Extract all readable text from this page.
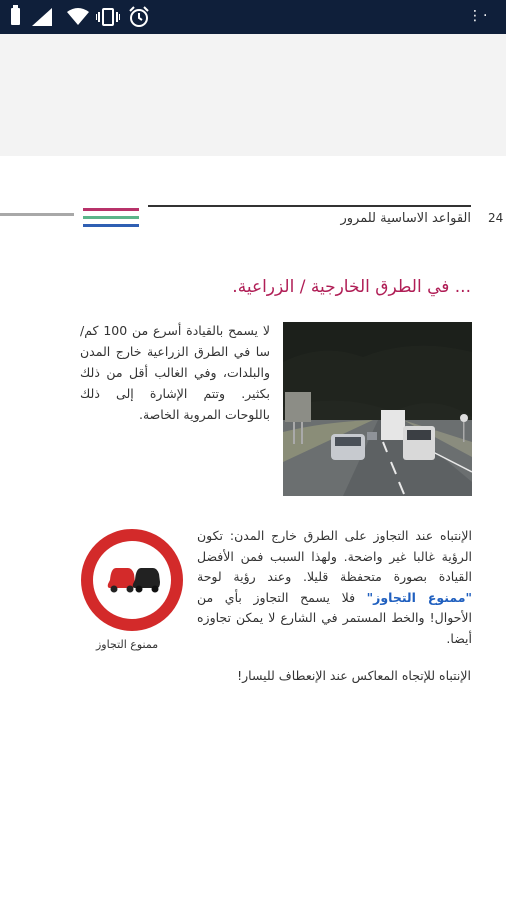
⋮·
24
القواعد الاساسية للمرور
... في الطرق الخارجية / الزراعية.
لا يسمح بالقيادة أسرع من 100 كم/سا في الطرق الزراعية خارج المدن والبلدات، وفي الغالب أقل من ذلك بكثير. وتتم الإشارة إلى ذلك باللوحات المروية الخاصة.
الإنتباه عند التجاوز على الطرق خارج المدن: تكون الرؤية غالبا غير واضحة. ولهذا السبب فمن الأفضل القيادة بصورة متحفظة قليلا. وعند رؤية لوحة "ممنوع التجاوز" فلا يسمح التجاوز بأي من الأحوال! والخط المستمر في الشارع لا يمكن تجاوزه أيضا.
ممنوع التجاوز
الإنتباه للإتجاه المعاكس عند الإنعطاف لليسار!
